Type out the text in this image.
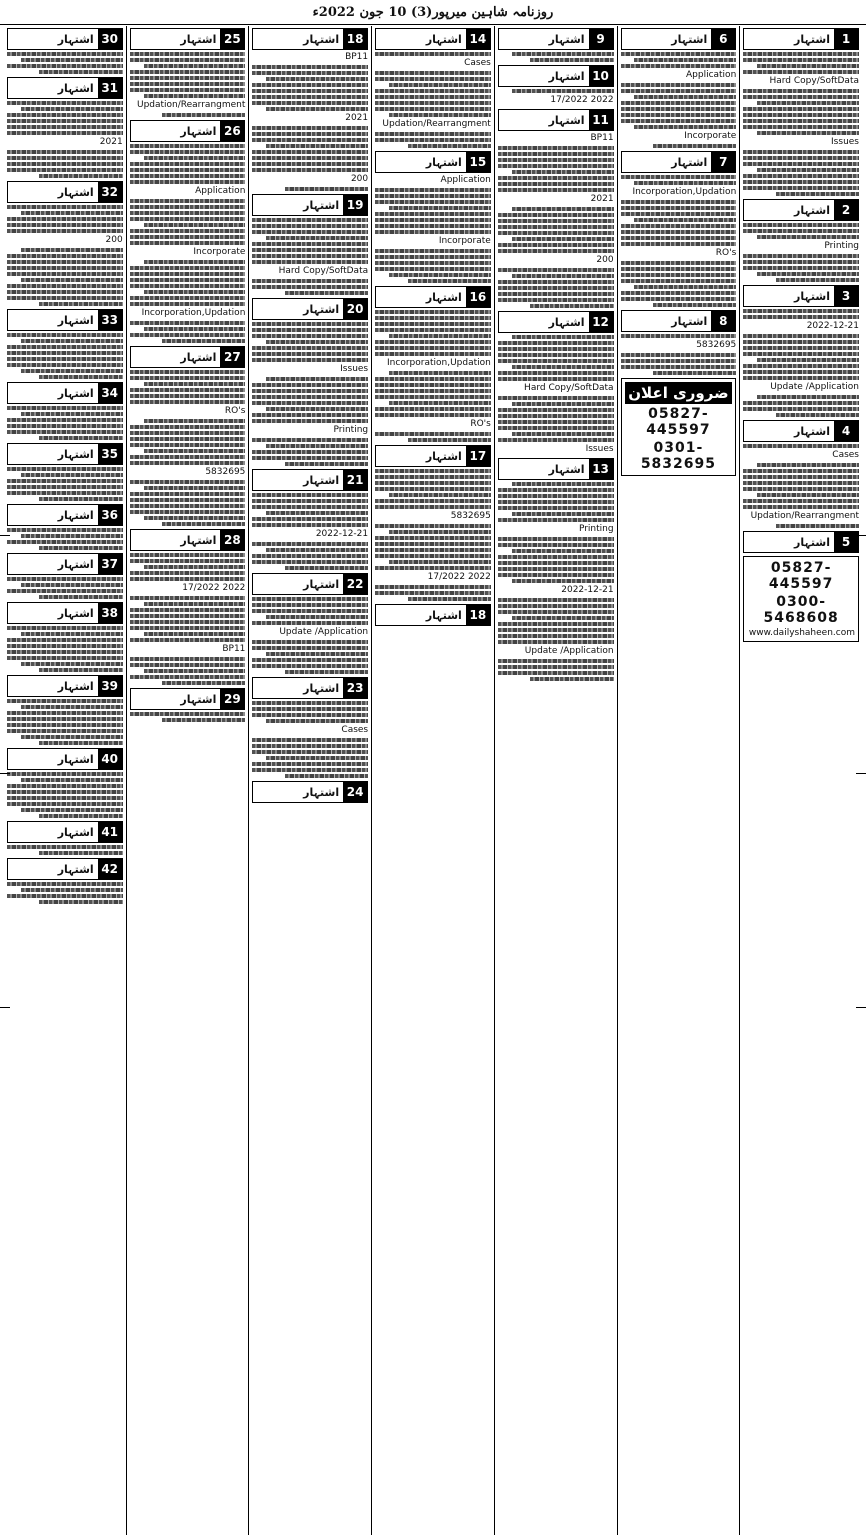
روزنامہ شاہین میرپور(3) 10 جون 2022ء
1
اشتہار
Hard Copy/SoftData
Issues
2
اشتہار
Printing
3
اشتہار
2022-12-21
Update /Application
4
اشتہار
Cases
Updation/Rearrangment
5
اشتہار
05827-445597
0300-5468608
www.dailyshaheen.com
6
اشتہار
Application
Incorporate
7
اشتہار
Incorporation,Updation
RO's
8
اشتہار
5832695
ضروری اعلان
05827-445597
0301-5832695
9
اشتہار
10
اشتہار
2022 17/2022
11
اشتہار
BP11
2021
200
12
اشتہار
Hard Copy/SoftData
Issues
13
اشتہار
Printing
2022-12-21
Update /Application
14
اشتہار
Cases
Updation/Rearrangment
15
اشتہار
Application
Incorporate
16
اشتہار
Incorporation,Updation
RO's
17
اشتہار
5832695
2022 17/2022
18
اشتہار
18
اشتہار
BP11
2021
200
19
اشتہار
Hard Copy/SoftData
20
اشتہار
Issues
Printing
21
اشتہار
2022-12-21
22
اشتہار
Update /Application
23
اشتہار
Cases
24
اشتہار
25
اشتہار
Updation/Rearrangment
26
اشتہار
Application
Incorporate
Incorporation,Updation
27
اشتہار
RO's
5832695
28
اشتہار
2022 17/2022
BP11
29
اشتہار
30
اشتہار
31
اشتہار
2021
32
اشتہار
200
33
اشتہار
34
اشتہار
35
اشتہار
36
اشتہار
37
اشتہار
38
اشتہار
39
اشتہار
40
اشتہار
41
اشتہار
42
اشتہار
